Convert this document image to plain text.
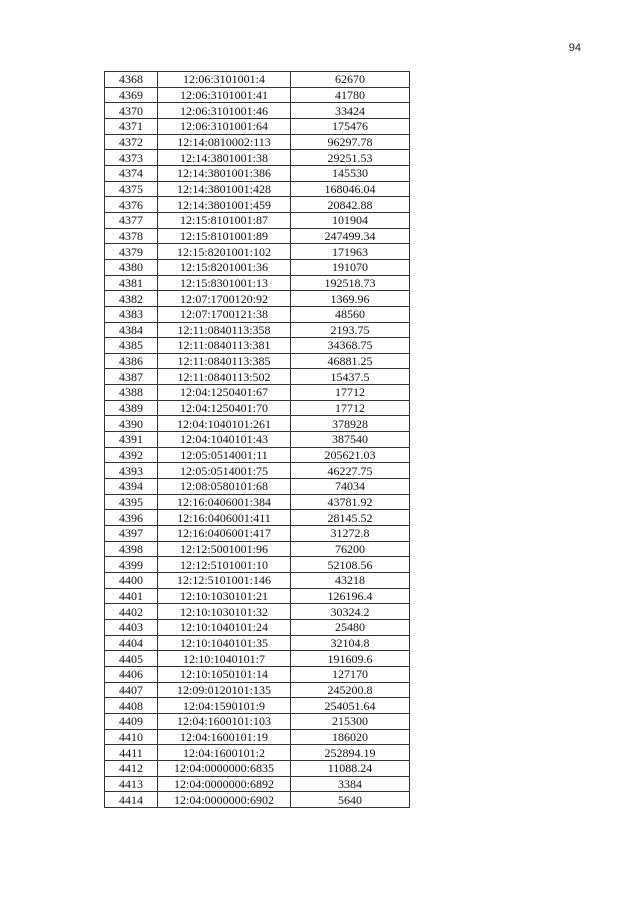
94
4368	12:06:3101001:4	62670
4369	12:06:3101001:41	41780
4370	12:06:3101001:46	33424
4371	12:06:3101001:64	175476
4372	12:14:0810002:113	96297.78
4373	12:14:3801001:38	29251.53
4374	12:14:3801001:386	145530
4375	12:14:3801001:428	168046.04
4376	12:14:3801001:459	20842.88
4377	12:15:8101001:87	101904
4378	12:15:8101001:89	247499.34
4379	12:15:8201001:102	171963
4380	12:15:8201001:36	191070
4381	12:15:8301001:13	192518.73
4382	12:07:1700120:92	1369.96
4383	12:07:1700121:38	48560
4384	12:11:0840113:358	2193.75
4385	12:11:0840113:381	34368.75
4386	12:11:0840113:385	46881.25
4387	12:11:0840113:502	15437.5
4388	12:04:1250401:67	17712
4389	12:04:1250401:70	17712
4390	12:04:1040101:261	378928
4391	12:04:1040101:43	387540
4392	12:05:0514001:11	205621.03
4393	12:05:0514001:75	46227.75
4394	12:08:0580101:68	74034
4395	12:16:0406001:384	43781.92
4396	12:16:0406001:411	28145.52
4397	12:16:0406001:417	31272.8
4398	12:12:5001001:96	76200
4399	12:12:5101001:10	52108.56
4400	12:12:5101001:146	43218
4401	12:10:1030101:21	126196.4
4402	12:10:1030101:32	30324.2
4403	12:10:1040101:24	25480
4404	12:10:1040101:35	32104.8
4405	12:10:1040101:7	191609.6
4406	12:10:1050101:14	127170
4407	12:09:0120101:135	245200.8
4408	12:04:1590101:9	254051.64
4409	12:04:1600101:103	215300
4410	12:04:1600101:19	186020
4411	12:04:1600101:2	252894.19
4412	12:04:0000000:6835	11088.24
4413	12:04:0000000:6892	3384
4414	12:04:0000000:6902	5640
